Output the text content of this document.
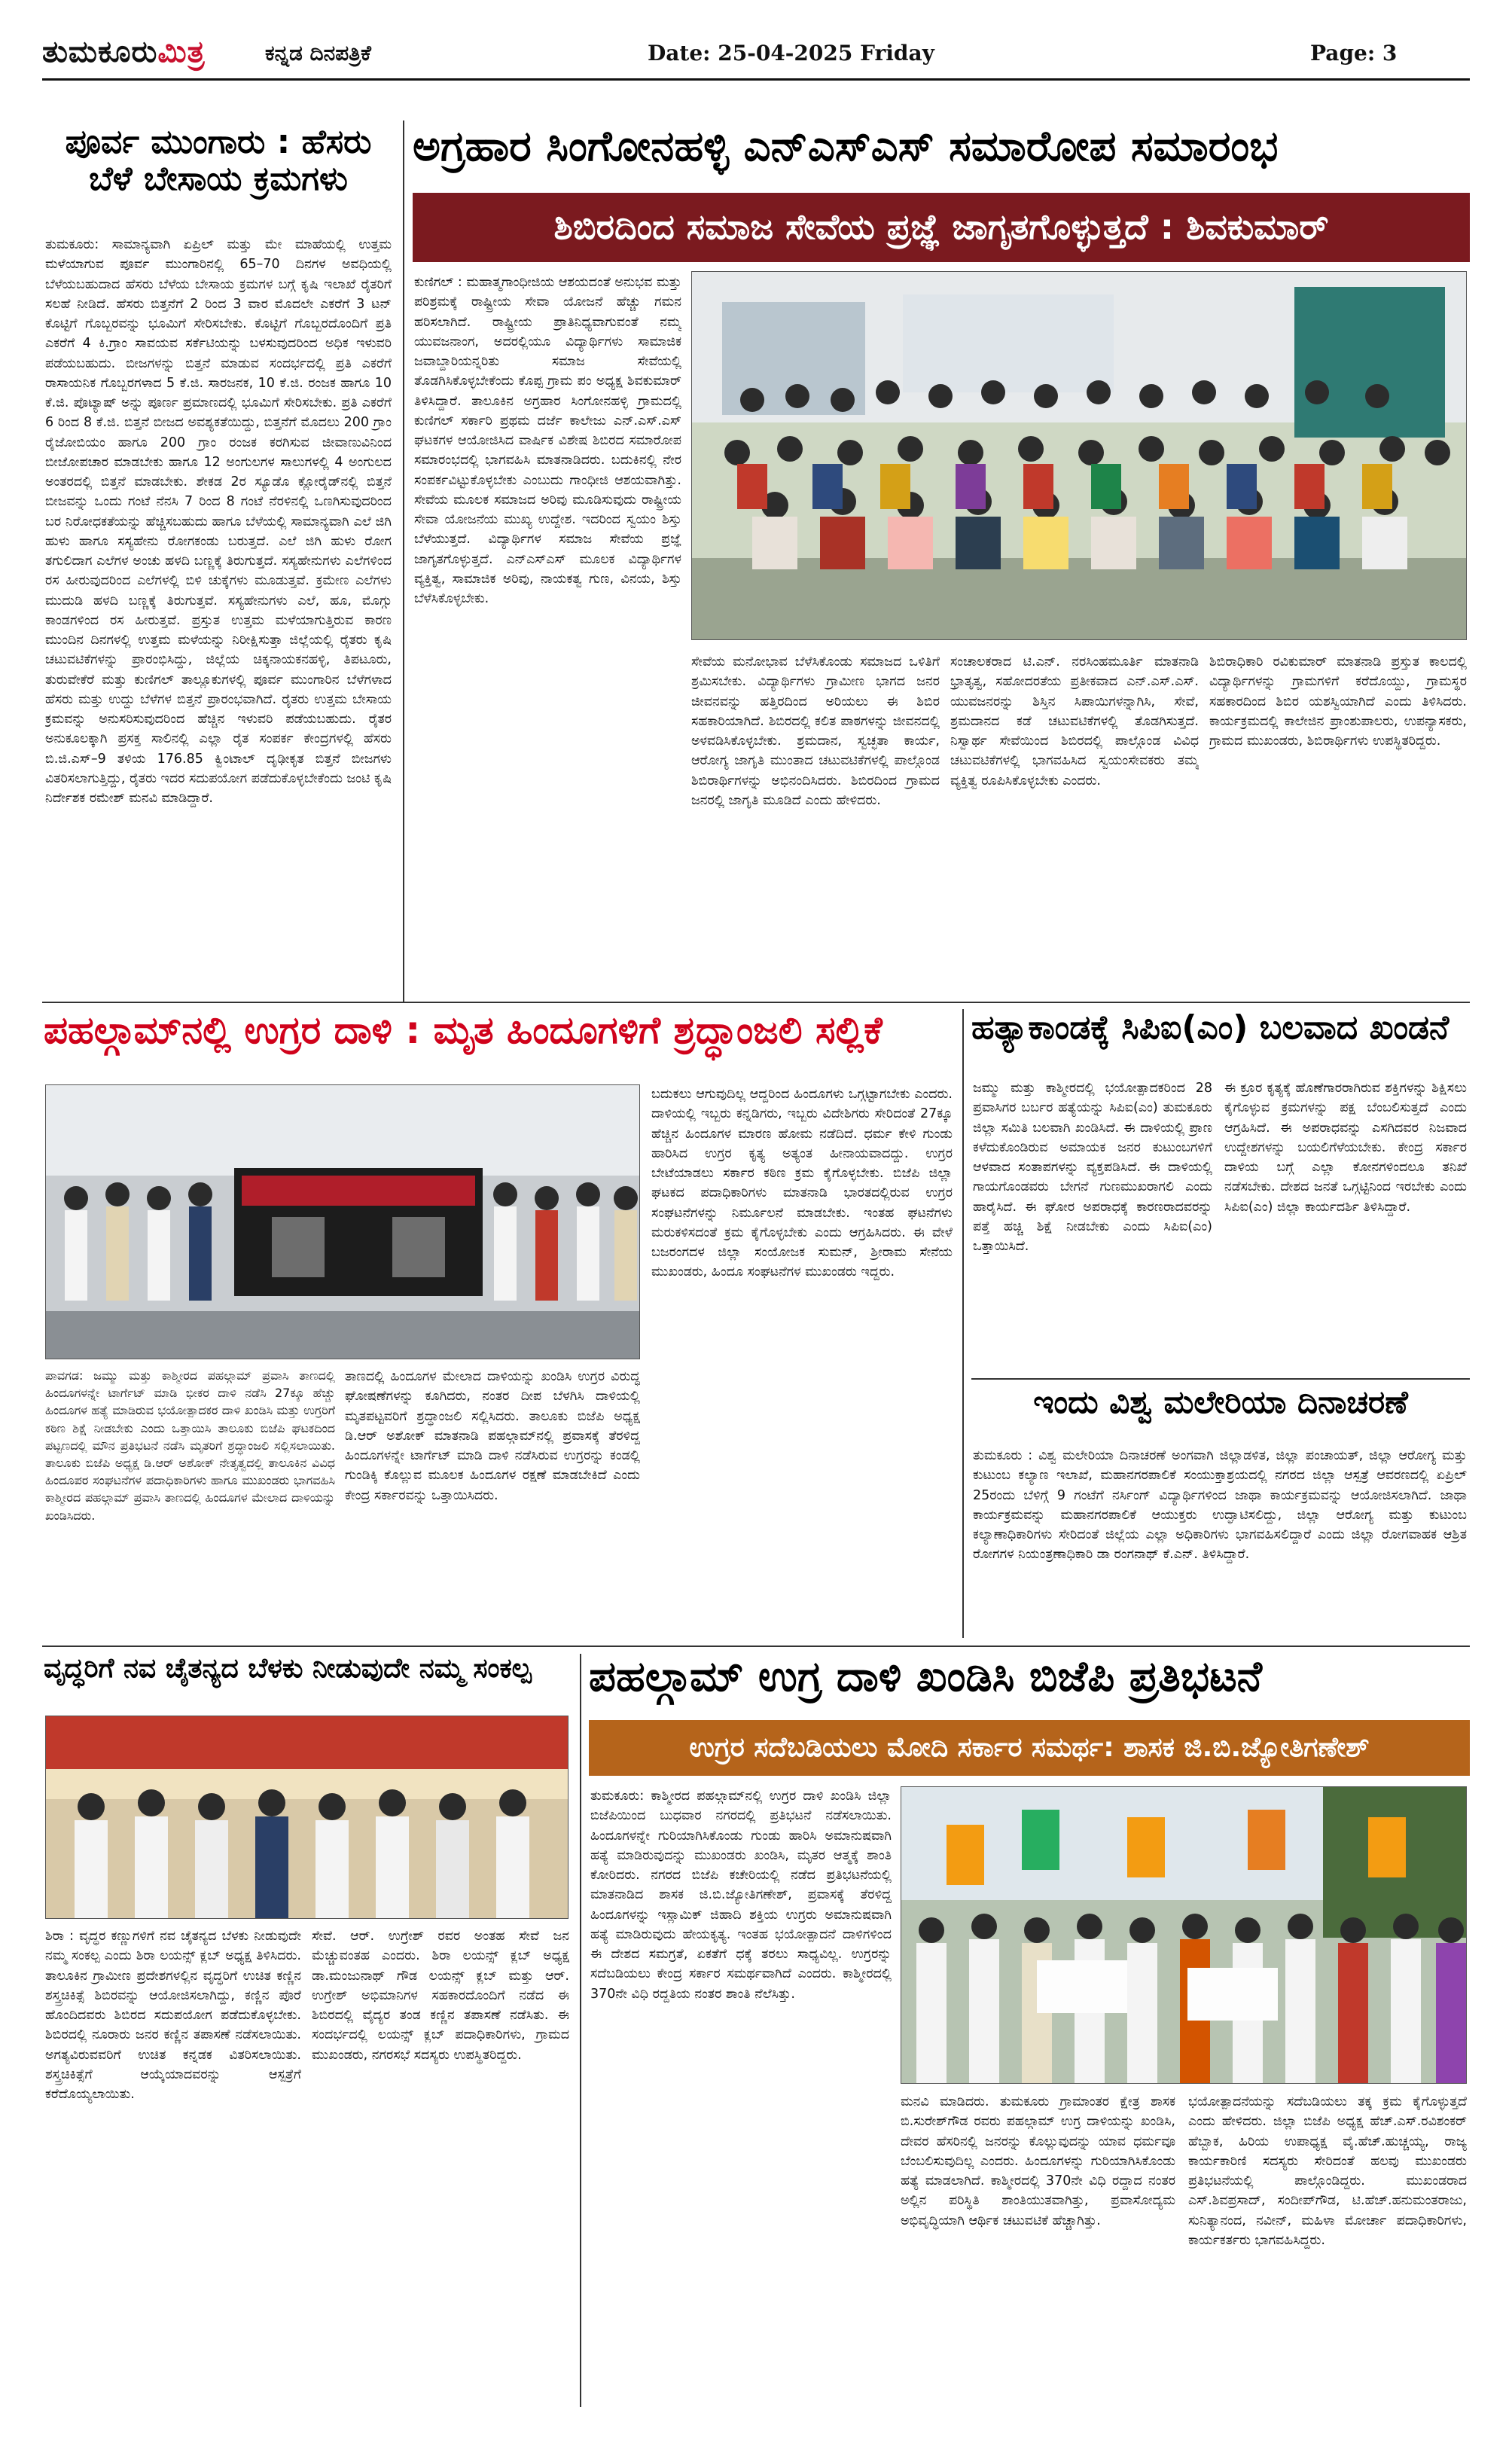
ತುಮಕೂರುಮಿತ್ರ	ಕನ್ನಡ ದಿನಪತ್ರಿಕೆ	Date: 25-04-2025 Friday	Page: 3
ಪೂರ್ವ ಮುಂಗಾರು : ಹೆಸರು ಬೆಳೆ ಬೇಸಾಯ ಕ್ರಮಗಳು
ತುಮಕೂರು: ಸಾಮಾನ್ಯವಾಗಿ ಏಪ್ರಿಲ್ ಮತ್ತು ಮೇ ಮಾಹೆಯಲ್ಲಿ ಉತ್ತಮ ಮಳೆಯಾಗುವ ಪೂರ್ವ ಮುಂಗಾರಿನಲ್ಲಿ 65–70 ದಿನಗಳ ಅವಧಿಯಲ್ಲಿ ಬೆಳೆಯಬಹುದಾದ ಹೆಸರು ಬೆಳೆಯ ಬೇಸಾಯ ಕ್ರಮಗಳ ಬಗ್ಗೆ ಕೃಷಿ ಇಲಾಖೆ ರೈತರಿಗೆ ಸಲಹೆ ನೀಡಿದೆ. ಹೆಸರು ಬಿತ್ತನೆಗೆ 2 ರಿಂದ 3 ವಾರ ಮೊದಲೇ ಎಕರೆಗೆ 3 ಟನ್ ಕೊಟ್ಟಿಗೆ ಗೊಬ್ಬರವನ್ನು ಭೂಮಿಗೆ ಸೇರಿಸಬೇಕು. ಕೊಟ್ಟಿಗೆ ಗೊಬ್ಬರದೊಂದಿಗೆ ಪ್ರತಿ ಎಕರೆಗೆ 4 ಕಿ.ಗ್ರಾಂ ಸಾವಯವ ಸರ್ಕೆಟಿಯನ್ನು ಬಳಸುವುದರಿಂದ ಅಧಿಕ ಇಳುವರಿ ಪಡೆಯಬಹುದು. ಬೀಜಗಳನ್ನು ಬಿತ್ತನೆ ಮಾಡುವ ಸಂದರ್ಭದಲ್ಲಿ ಪ್ರತಿ ಎಕರೆಗೆ ರಾಸಾಯನಿಕ ಗೊಬ್ಬರಗಳಾದ 5 ಕೆ.ಜಿ. ಸಾರಜನಕ, 10 ಕೆ.ಜಿ. ರಂಜಕ ಹಾಗೂ 10 ಕೆ.ಜಿ. ಪೊಟ್ಯಾಷ್ ಅನ್ನು ಪೂರ್ಣ ಪ್ರಮಾಣದಲ್ಲಿ ಭೂಮಿಗೆ ಸೇರಿಸಬೇಕು. ಪ್ರತಿ ಎಕರೆಗೆ 6 ರಿಂದ 8 ಕೆ.ಜಿ. ಬಿತ್ತನೆ ಬೀಜದ ಅವಶ್ಯಕತೆಯಿದ್ದು, ಬಿತ್ತನೆಗೆ ಮೊದಲು 200 ಗ್ರಾಂ ರೈಜೋಬಿಯಂ ಹಾಗೂ 200 ಗ್ರಾಂ ರಂಜಕ ಕರಗಿಸುವ ಜೀವಾಣುವಿನಿಂದ ಬೀಜೋಪಚಾರ ಮಾಡಬೇಕು ಹಾಗೂ 12 ಅಂಗುಲಗಳ ಸಾಲುಗಳಲ್ಲಿ 4 ಅಂಗುಲದ ಅಂತರದಲ್ಲಿ ಬಿತ್ತನೆ ಮಾಡಬೇಕು. ಶೇಕಡ 2ರ ಸ್ಯೂಡೊ ಕ್ಲೋರೈಡ್‌ನಲ್ಲಿ ಬಿತ್ತನೆ ಬೀಜವನ್ನು ಒಂದು ಗಂಟೆ ನೆನಸಿ 7 ರಿಂದ 8 ಗಂಟೆ ನೆರಳಿನಲ್ಲಿ ಒಣಗಿಸುವುದರಿಂದ ಬರ ನಿರೋಧಕತೆಯನ್ನು ಹೆಚ್ಚಿಸಬಹುದು ಹಾಗೂ ಬೆಳೆಯಲ್ಲಿ ಸಾಮಾನ್ಯವಾಗಿ ಎಲೆ ಜಿಗಿ ಹುಳು ಹಾಗೂ ಸಸ್ಯಹೇನು ರೋಗಕಂಡು ಬರುತ್ತದೆ. ಎಲೆ ಜಿಗಿ ಹುಳು ರೋಗ ತಗುಲಿದಾಗ ಎಲೆಗಳ ಅಂಚು ಹಳದಿ ಬಣ್ಣಕ್ಕೆ ತಿರುಗುತ್ತದೆ. ಸಸ್ಯಹೇನುಗಳು ಎಲೆಗಳಿಂದ ರಸ ಹೀರುವುದರಿಂದ ಎಲೆಗಳಲ್ಲಿ ಬಿಳಿ ಚುಕ್ಕೆಗಳು ಮೂಡುತ್ತವೆ. ಕ್ರಮೇಣ ಎಲೆಗಳು ಮುದುಡಿ ಹಳದಿ ಬಣ್ಣಕ್ಕೆ ತಿರುಗುತ್ತವೆ. ಸಸ್ಯಹೇನುಗಳು ಎಲೆ, ಹೂ, ಮೊಗ್ಗು ಕಾಂಡಗಳಿಂದ ರಸ ಹೀರುತ್ತವೆ. ಪ್ರಸ್ತುತ ಉತ್ತಮ ಮಳೆಯಾಗುತ್ತಿರುವ ಕಾರಣ ಮುಂದಿನ ದಿನಗಳಲ್ಲಿ ಉತ್ತಮ ಮಳೆಯನ್ನು ನಿರೀಕ್ಷಿಸುತ್ತಾ ಜಿಲ್ಲೆಯಲ್ಲಿ ರೈತರು ಕೃಷಿ ಚಟುವಟಿಕೆಗಳನ್ನು ಪ್ರಾರಂಭಿಸಿದ್ದು, ಜಿಲ್ಲೆಯ ಚಿಕ್ಕನಾಯಕನಹಳ್ಳಿ, ತಿಪಟೂರು, ತುರುವೇಕೆರೆ ಮತ್ತು ಕುಣಿಗಲ್ ತಾಲ್ಲೂಕುಗಳಲ್ಲಿ ಪೂರ್ವ ಮುಂಗಾರಿನ ಬೆಳೆಗಳಾದ ಹೆಸರು ಮತ್ತು ಉದ್ದು ಬೆಳೆಗಳ ಬಿತ್ತನೆ ಪ್ರಾರಂಭವಾಗಿದೆ. ರೈತರು ಉತ್ತಮ ಬೇಸಾಯ ಕ್ರಮವನ್ನು ಅನುಸರಿಸುವುದರಿಂದ ಹೆಚ್ಚಿನ ಇಳುವರಿ ಪಡೆಯಬಹುದು. ರೈತರ ಅನುಕೂಲಕ್ಕಾಗಿ ಪ್ರಸಕ್ತ ಸಾಲಿನಲ್ಲಿ ಎಲ್ಲಾ ರೈತ ಸಂಪರ್ಕ ಕೇಂದ್ರಗಳಲ್ಲಿ ಹೆಸರು ಬಿ.ಜಿ.ಎಸ್–9 ತಳಿಯ 176.85 ಕ್ವಿಂಟಾಲ್ ದೃಢೀಕೃತ ಬಿತ್ತನೆ ಬೀಜಗಳು ವಿತರಿಸಲಾಗುತ್ತಿದ್ದು, ರೈತರು ಇದರ ಸದುಪಯೋಗ ಪಡೆದುಕೊಳ್ಳಬೇಕೆಂದು ಜಂಟಿ ಕೃಷಿ ನಿರ್ದೇಶಕ ರಮೇಶ್ ಮನವಿ ಮಾಡಿದ್ದಾರೆ.
ಅಗ್ರಹಾರ ಸಿಂಗೋನಹಳ್ಳಿ ಎನ್‌ಎಸ್‌ಎಸ್ ಸಮಾರೋಪ ಸಮಾರಂಭ
ಶಿಬಿರದಿಂದ ಸಮಾಜ ಸೇವೆಯ ಪ್ರಜ್ಞೆ ಜಾಗೃತಗೊಳ್ಳುತ್ತದೆ : ಶಿವಕುಮಾರ್
ಕುಣಿಗಲ್ : ಮಹಾತ್ಮಗಾಂಧೀಜಿಯ ಆಶಯದಂತೆ ಅನುಭವ ಮತ್ತು ಪರಿಶ್ರಮಕ್ಕೆ ರಾಷ್ಟ್ರೀಯ ಸೇವಾ ಯೋಜನೆ ಹೆಚ್ಚು ಗಮನ ಹರಿಸಲಾಗಿದೆ. ರಾಷ್ಟ್ರೀಯ ಪ್ರಾತಿನಿಧ್ಯವಾಗುವಂತೆ ನಮ್ಮ ಯುವಜನಾಂಗ, ಅದರಲ್ಲಿಯೂ ವಿದ್ಯಾರ್ಥಿಗಳು ಸಾಮಾಜಿಕ ಜವಾಬ್ದಾರಿಯನ್ನರಿತು ಸಮಾಜ ಸೇವೆಯಲ್ಲಿ ತೊಡಗಿಸಿಕೊಳ್ಳಬೇಕೆಂದು ಕೊಪ್ಪ ಗ್ರಾಮ ಪಂ ಅಧ್ಯಕ್ಷ ಶಿವಕುಮಾರ್ ತಿಳಿಸಿದ್ದಾರೆ. ತಾಲೂಕಿನ ಅಗ್ರಹಾರ ಸಿಂಗೋನಹಳ್ಳಿ ಗ್ರಾಮದಲ್ಲಿ ಕುಣಿಗಲ್ ಸರ್ಕಾರಿ ಪ್ರಥಮ ದರ್ಜೆ ಕಾಲೇಜು ಎನ್.ಎಸ್.ಎಸ್ ಘಟಕಗಳ ಆಯೋಜಿಸಿದ ವಾರ್ಷಿಕ ವಿಶೇಷ ಶಿಬಿರದ ಸಮಾರೋಪ ಸಮಾರಂಭದಲ್ಲಿ ಭಾಗವಹಿಸಿ ಮಾತನಾಡಿದರು. ಬದುಕಿನಲ್ಲಿ ನೇರ ಸಂಪರ್ಕವಿಟ್ಟುಕೊಳ್ಳಬೇಕು ಎಂಬುದು ಗಾಂಧೀಜಿ ಆಶಯವಾಗಿತ್ತು. ಸೇವೆಯ ಮೂಲಕ ಸಮಾಜದ ಅರಿವು ಮೂಡಿಸುವುದು ರಾಷ್ಟ್ರೀಯ ಸೇವಾ ಯೋಜನೆಯ ಮುಖ್ಯ ಉದ್ದೇಶ. ಇದರಿಂದ ಸ್ವಯಂ ಶಿಸ್ತು ಬೆಳೆಯುತ್ತದೆ. ವಿದ್ಯಾರ್ಥಿಗಳ ಸಮಾಜ ಸೇವೆಯ ಪ್ರಜ್ಞೆ ಜಾಗೃತಗೊಳ್ಳುತ್ತದೆ. ಎನ್ಎಸ್ಎಸ್ ಮೂಲಕ ವಿದ್ಯಾರ್ಥಿಗಳ ವ್ಯಕ್ತಿತ್ವ, ಸಾಮಾಜಿಕ ಅರಿವು, ನಾಯಕತ್ವ ಗುಣ, ವಿನಯ, ಶಿಸ್ತು ಬೆಳೆಸಿಕೊಳ್ಳಬೇಕು.
ಸೇವೆಯ ಮನೋಭಾವ ಬೆಳೆಸಿಕೊಂಡು ಸಮಾಜದ ಒಳಿತಿಗೆ ಶ್ರಮಿಸಬೇಕು. ವಿದ್ಯಾರ್ಥಿಗಳು ಗ್ರಾಮೀಣ ಭಾಗದ ಜನರ ಜೀವನವನ್ನು ಹತ್ತಿರದಿಂದ ಅರಿಯಲು ಈ ಶಿಬಿರ ಸಹಕಾರಿಯಾಗಿದೆ. ಶಿಬಿರದಲ್ಲಿ ಕಲಿತ ಪಾಠಗಳನ್ನು ಜೀವನದಲ್ಲಿ ಅಳವಡಿಸಿಕೊಳ್ಳಬೇಕು. ಶ್ರಮದಾನ, ಸ್ವಚ್ಛತಾ ಕಾರ್ಯ, ಆರೋಗ್ಯ ಜಾಗೃತಿ ಮುಂತಾದ ಚಟುವಟಿಕೆಗಳಲ್ಲಿ ಪಾಲ್ಗೊಂಡ ಶಿಬಿರಾರ್ಥಿಗಳನ್ನು ಅಭಿನಂದಿಸಿದರು. ಶಿಬಿರದಿಂದ ಗ್ರಾಮದ ಜನರಲ್ಲಿ ಜಾಗೃತಿ ಮೂಡಿದೆ ಎಂದು ಹೇಳಿದರು.
ಸಂಚಾಲಕರಾದ ಟಿ.ಎನ್. ನರಸಿಂಹಮೂರ್ತಿ ಮಾತನಾಡಿ ಭ್ರಾತೃತ್ವ, ಸಹೋದರತೆಯ ಪ್ರತೀಕವಾದ ಎನ್.ಎಸ್.ಎಸ್. ಯುವಜನರನ್ನು ಶಿಸ್ತಿನ ಸಿಪಾಯಿಗಳನ್ನಾಗಿಸಿ, ಸೇವೆ, ಶ್ರಮದಾನದ ಕಡೆ ಚಟುವಟಿಕೆಗಳಲ್ಲಿ ತೊಡಗಿಸುತ್ತದೆ. ನಿಸ್ವಾರ್ಥ ಸೇವೆಯಿಂದ ಶಿಬಿರದಲ್ಲಿ ಪಾಲ್ಗೊಂಡ ವಿವಿಧ ಚಟುವಟಿಕೆಗಳಲ್ಲಿ ಭಾಗವಹಿಸಿದ ಸ್ವಯಂಸೇವಕರು ತಮ್ಮ ವ್ಯಕ್ತಿತ್ವ ರೂಪಿಸಿಕೊಳ್ಳಬೇಕು ಎಂದರು.
ಶಿಬಿರಾಧಿಕಾರಿ ರವಿಕುಮಾರ್ ಮಾತನಾಡಿ ಪ್ರಸ್ತುತ ಕಾಲದಲ್ಲಿ ವಿದ್ಯಾರ್ಥಿಗಳನ್ನು ಗ್ರಾಮಗಳಿಗೆ ಕರೆದೊಯ್ದು, ಗ್ರಾಮಸ್ಥರ ಸಹಕಾರದಿಂದ ಶಿಬಿರ ಯಶಸ್ವಿಯಾಗಿದೆ ಎಂದು ತಿಳಿಸಿದರು. ಕಾರ್ಯಕ್ರಮದಲ್ಲಿ ಕಾಲೇಜಿನ ಪ್ರಾಂಶುಪಾಲರು, ಉಪನ್ಯಾಸಕರು, ಗ್ರಾಮದ ಮುಖಂಡರು, ಶಿಬಿರಾರ್ಥಿಗಳು ಉಪಸ್ಥಿತರಿದ್ದರು.
ಪಹಲ್ಗಾಮ್‌ನಲ್ಲಿ ಉಗ್ರರ ದಾಳಿ : ಮೃತ ಹಿಂದೂಗಳಿಗೆ ಶ್ರದ್ಧಾಂಜಲಿ ಸಲ್ಲಿಕೆ
ಪಾವಗಡ: ಜಮ್ಮು ಮತ್ತು ಕಾಶ್ಮೀರದ ಪಹಲ್ಗಾಮ್ ಪ್ರವಾಸಿ ತಾಣದಲ್ಲಿ ಹಿಂದೂಗಳನ್ನೇ ಟಾರ್ಗೆಟ್ ಮಾಡಿ ಭೀಕರ ದಾಳಿ ನಡೆಸಿ 27ಕ್ಕೂ ಹೆಚ್ಚು ಹಿಂದೂಗಳ ಹತ್ಯೆ ಮಾಡಿರುವ ಭಯೋತ್ಪಾದಕರ ದಾಳಿ ಖಂಡಿಸಿ ಮತ್ತು ಉಗ್ರರಿಗೆ ಕಠಿಣ ಶಿಕ್ಷೆ ನೀಡಬೇಕು ಎಂದು ಒತ್ತಾಯಿಸಿ ತಾಲೂಕು ಬಿಜೆಪಿ ಘಟಕದಿಂದ ಪಟ್ಟಣದಲ್ಲಿ ಮೌನ ಪ್ರತಿಭಟನೆ ನಡೆಸಿ ಮೃತರಿಗೆ ಶ್ರದ್ಧಾಂಜಲಿ ಸಲ್ಲಿಸಲಾಯಿತು. ತಾಲೂಕು ಬಿಜೆಪಿ ಅಧ್ಯಕ್ಷ ಡಿ.ಆರ್ ಅಶೋಕ್ ನೇತೃತ್ವದಲ್ಲಿ ತಾಲೂಕಿನ ವಿವಿಧ ಹಿಂದೂಪರ ಸಂಘಟನೆಗಳ ಪದಾಧಿಕಾರಿಗಳು ಹಾಗೂ ಮುಖಂಡರು ಭಾಗವಹಿಸಿ ಕಾಶ್ಮೀರದ ಪಹಲ್ಗಾಮ್ ಪ್ರವಾಸಿ ತಾಣದಲ್ಲಿ ಹಿಂದೂಗಳ ಮೇಲಾದ ದಾಳಿಯನ್ನು ಖಂಡಿಸಿದರು.
ತಾಣದಲ್ಲಿ ಹಿಂದೂಗಳ ಮೇಲಾದ ದಾಳಿಯನ್ನು ಖಂಡಿಸಿ ಉಗ್ರರ ವಿರುದ್ಧ ಘೋಷಣೆಗಳನ್ನು ಕೂಗಿದರು, ನಂತರ ದೀಪ ಬೆಳಗಿಸಿ ದಾಳಿಯಲ್ಲಿ ಮೃತಪಟ್ಟವರಿಗೆ ಶ್ರದ್ಧಾಂಜಲಿ ಸಲ್ಲಿಸಿದರು. ತಾಲೂಕು ಬಿಜೆಪಿ ಅಧ್ಯಕ್ಷ ಡಿ.ಆರ್ ಅಶೋಕ್ ಮಾತನಾಡಿ ಪಹಲ್ಗಾಮ್‌ನಲ್ಲಿ ಪ್ರವಾಸಕ್ಕೆ ತೆರಳಿದ್ದ ಹಿಂದೂಗಳನ್ನೇ ಟಾರ್ಗೆಟ್ ಮಾಡಿ ದಾಳಿ ನಡೆಸಿರುವ ಉಗ್ರರನ್ನು ಕಂಡಲ್ಲಿ ಗುಂಡಿಕ್ಕಿ ಕೊಲ್ಲುವ ಮೂಲಕ ಹಿಂದೂಗಳ ರಕ್ಷಣೆ ಮಾಡಬೇಕಿದೆ ಎಂದು ಕೇಂದ್ರ ಸರ್ಕಾರವನ್ನು ಒತ್ತಾಯಿಸಿದರು.
ಬದುಕಲು ಆಗುವುದಿಲ್ಲ ಆದ್ದರಿಂದ ಹಿಂದೂಗಳು ಒಗ್ಗಟ್ಟಾಗಬೇಕು ಎಂದರು. ದಾಳಿಯಲ್ಲಿ ಇಬ್ಬರು ಕನ್ನಡಿಗರು, ಇಬ್ಬರು ವಿದೇಶಿಗರು ಸೇರಿದಂತೆ 27ಕ್ಕೂ ಹೆಚ್ಚಿನ ಹಿಂದೂಗಳ ಮಾರಣ ಹೋಮ ನಡೆದಿದೆ. ಧರ್ಮ ಕೇಳಿ ಗುಂಡು ಹಾರಿಸಿದ ಉಗ್ರರ ಕೃತ್ಯ ಅತ್ಯಂತ ಹೀನಾಯವಾದದ್ದು. ಉಗ್ರರ ಬೇಟೆಯಾಡಲು ಸರ್ಕಾರ ಕಠಿಣ ಕ್ರಮ ಕೈಗೊಳ್ಳಬೇಕು. ಬಿಜೆಪಿ ಜಿಲ್ಲಾ ಘಟಕದ ಪದಾಧಿಕಾರಿಗಳು ಮಾತನಾಡಿ ಭಾರತದಲ್ಲಿರುವ ಉಗ್ರರ ಸಂಘಟನೆಗಳನ್ನು ನಿರ್ಮೂಲನೆ ಮಾಡಬೇಕು. ಇಂತಹ ಘಟನೆಗಳು ಮರುಕಳಿಸದಂತೆ ಕ್ರಮ ಕೈಗೊಳ್ಳಬೇಕು ಎಂದು ಆಗ್ರಹಿಸಿದರು. ಈ ವೇಳೆ ಬಜರಂಗದಳ ಜಿಲ್ಲಾ ಸಂಯೋಜಕ ಸುಮನ್, ಶ್ರೀರಾಮ ಸೇನೆಯ ಮುಖಂಡರು, ಹಿಂದೂ ಸಂಘಟನೆಗಳ ಮುಖಂಡರು ಇದ್ದರು.
ಹತ್ಯಾಕಾಂಡಕ್ಕೆ ಸಿಪಿಐ(ಎಂ) ಬಲವಾದ ಖಂಡನೆ
ಜಮ್ಮು ಮತ್ತು ಕಾಶ್ಮೀರದಲ್ಲಿ ಭಯೋತ್ಪಾದಕರಿಂದ 28 ಪ್ರವಾಸಿಗರ ಬರ್ಬರ ಹತ್ಯೆಯನ್ನು ಸಿಪಿಐ(ಎಂ) ತುಮಕೂರು ಜಿಲ್ಲಾ ಸಮಿತಿ ಬಲವಾಗಿ ಖಂಡಿಸಿದೆ. ಈ ದಾಳಿಯಲ್ಲಿ ಪ್ರಾಣ ಕಳೆದುಕೊಂಡಿರುವ ಅಮಾಯಕ ಜನರ ಕುಟುಂಬಗಳಿಗೆ ಆಳವಾದ ಸಂತಾಪಗಳನ್ನು ವ್ಯಕ್ತಪಡಿಸಿದೆ. ಈ ದಾಳಿಯಲ್ಲಿ ಗಾಯಗೊಂಡವರು ಬೇಗನೆ ಗುಣಮುಖರಾಗಲಿ ಎಂದು ಹಾರೈಸಿದೆ. ಈ ಘೋರ ಅಪರಾಧಕ್ಕೆ ಕಾರಣರಾದವರನ್ನು ಪತ್ತೆ ಹಚ್ಚಿ ಶಿಕ್ಷೆ ನೀಡಬೇಕು ಎಂದು ಸಿಪಿಐ(ಎಂ) ಒತ್ತಾಯಿಸಿದೆ.
ಈ ಕ್ರೂರ ಕೃತ್ಯಕ್ಕೆ ಹೊಣೆಗಾರರಾಗಿರುವ ಶಕ್ತಿಗಳನ್ನು ಶಿಕ್ಷಿಸಲು ಕೈಗೊಳ್ಳುವ ಕ್ರಮಗಳನ್ನು ಪಕ್ಷ ಬೆಂಬಲಿಸುತ್ತದೆ ಎಂದು ಆಗ್ರಹಿಸಿದೆ. ಈ ಅಪರಾಧವನ್ನು ಎಸಗಿದವರ ನಿಜವಾದ ಉದ್ದೇಶಗಳನ್ನು ಬಯಲಿಗೆಳೆಯಬೇಕು. ಕೇಂದ್ರ ಸರ್ಕಾರ ದಾಳಿಯ ಬಗ್ಗೆ ಎಲ್ಲಾ ಕೋನಗಳಿಂದಲೂ ತನಿಖೆ ನಡೆಸಬೇಕು. ದೇಶದ ಜನತೆ ಒಗ್ಗಟ್ಟಿನಿಂದ ಇರಬೇಕು ಎಂದು ಸಿಪಿಐ(ಎಂ) ಜಿಲ್ಲಾ ಕಾರ್ಯದರ್ಶಿ ತಿಳಿಸಿದ್ದಾರೆ.
ಇಂದು ವಿಶ್ವ ಮಲೇರಿಯಾ ದಿನಾಚರಣೆ
ತುಮಕೂರು : ವಿಶ್ವ ಮಲೇರಿಯಾ ದಿನಾಚರಣೆ ಅಂಗವಾಗಿ ಜಿಲ್ಲಾಡಳಿತ, ಜಿಲ್ಲಾ ಪಂಚಾಯತ್, ಜಿಲ್ಲಾ ಆರೋಗ್ಯ ಮತ್ತು ಕುಟುಂಬ ಕಲ್ಯಾಣ ಇಲಾಖೆ, ಮಹಾನಗರಪಾಲಿಕೆ ಸಂಯುಕ್ತಾಶ್ರಯದಲ್ಲಿ ನಗರದ ಜಿಲ್ಲಾ ಆಸ್ಪತ್ರೆ ಆವರಣದಲ್ಲಿ ಏಪ್ರಿಲ್ 25ರಂದು ಬೆಳಿಗ್ಗೆ 9 ಗಂಟೆಗೆ ನರ್ಸಿಂಗ್ ವಿದ್ಯಾರ್ಥಿಗಳಿಂದ ಜಾಥಾ ಕಾರ್ಯಕ್ರಮವನ್ನು ಆಯೋಜಿಸಲಾಗಿದೆ. ಜಾಥಾ ಕಾರ್ಯಕ್ರಮವನ್ನು ಮಹಾನಗರಪಾಲಿಕೆ ಆಯುಕ್ತರು ಉದ್ಘಾಟಿಸಲಿದ್ದು, ಜಿಲ್ಲಾ ಆರೋಗ್ಯ ಮತ್ತು ಕುಟುಂಬ ಕಲ್ಯಾಣಾಧಿಕಾರಿಗಳು ಸೇರಿದಂತೆ ಜಿಲ್ಲೆಯ ಎಲ್ಲಾ ಅಧಿಕಾರಿಗಳು ಭಾಗವಹಿಸಲಿದ್ದಾರೆ ಎಂದು ಜಿಲ್ಲಾ ರೋಗವಾಹಕ ಆಶ್ರಿತ ರೋಗಗಳ ನಿಯಂತ್ರಣಾಧಿಕಾರಿ ಡಾ ರಂಗನಾಥ್ ಕೆ.ಎನ್. ತಿಳಿಸಿದ್ದಾರೆ.
ವೃದ್ಧರಿಗೆ ನವ ಚೈತನ್ಯದ ಬೆಳಕು ನೀಡುವುದೇ ನಮ್ಮ ಸಂಕಲ್ಪ
ಶಿರಾ : ವೃದ್ಧರ ಕಣ್ಣುಗಳಿಗೆ ನವ ಚೈತನ್ಯದ ಬೆಳಕು ನೀಡುವುದೇ ನಮ್ಮ ಸಂಕಲ್ಪ ಎಂದು ಶಿರಾ ಲಯನ್ಸ್ ಕ್ಲಬ್ ಅಧ್ಯಕ್ಷ ತಿಳಿಸಿದರು. ತಾಲೂಕಿನ ಗ್ರಾಮೀಣ ಪ್ರದೇಶಗಳಲ್ಲಿನ ವೃದ್ಧರಿಗೆ ಉಚಿತ ಕಣ್ಣಿನ ಶಸ್ತ್ರಚಿಕಿತ್ಸೆ ಶಿಬಿರವನ್ನು ಆಯೋಜಿಸಲಾಗಿದ್ದು, ಕಣ್ಣಿನ ಪೊರೆ ಹೊಂದಿದವರು ಶಿಬಿರದ ಸದುಪಯೋಗ ಪಡೆದುಕೊಳ್ಳಬೇಕು. ಶಿಬಿರದಲ್ಲಿ ನೂರಾರು ಜನರ ಕಣ್ಣಿನ ತಪಾಸಣೆ ನಡೆಸಲಾಯಿತು. ಅಗತ್ಯವಿರುವವರಿಗೆ ಉಚಿತ ಕನ್ನಡಕ ವಿತರಿಸಲಾಯಿತು. ಶಸ್ತ್ರಚಿಕಿತ್ಸೆಗೆ ಆಯ್ಕೆಯಾದವರನ್ನು ಆಸ್ಪತ್ರೆಗೆ ಕರೆದೊಯ್ಯಲಾಯಿತು.
ಸೇವೆ. ಆರ್. ಉಗ್ರೇಶ್ ರವರ ಅಂತಹ ಸೇವೆ ಜನ ಮೆಚ್ಚುವಂತಹ ಎಂದರು. ಶಿರಾ ಲಯನ್ಸ್ ಕ್ಲಬ್ ಅಧ್ಯಕ್ಷ ಡಾ.ಮಂಜುನಾಥ್ ಗೌಡ ಲಯನ್ಸ್ ಕ್ಲಬ್ ಮತ್ತು ಆರ್. ಉಗ್ರೇಶ್ ಅಭಿಮಾನಿಗಳ ಸಹಕಾರದೊಂದಿಗೆ ನಡೆದ ಈ ಶಿಬಿರದಲ್ಲಿ ವೈದ್ಯರ ತಂಡ ಕಣ್ಣಿನ ತಪಾಸಣೆ ನಡೆಸಿತು. ಈ ಸಂದರ್ಭದಲ್ಲಿ ಲಯನ್ಸ್ ಕ್ಲಬ್ ಪದಾಧಿಕಾರಿಗಳು, ಗ್ರಾಮದ ಮುಖಂಡರು, ನಗರಸಭೆ ಸದಸ್ಯರು ಉಪಸ್ಥಿತರಿದ್ದರು.
ಪಹಲ್ಗಾಮ್ ಉಗ್ರ ದಾಳಿ ಖಂಡಿಸಿ ಬಿಜೆಪಿ ಪ್ರತಿಭಟನೆ
ಉಗ್ರರ ಸದೆಬಡಿಯಲು ಮೋದಿ ಸರ್ಕಾರ ಸಮರ್ಥ: ಶಾಸಕ ಜಿ.ಬಿ.ಜ್ಯೋತಿಗಣೇಶ್
ತುಮಕೂರು: ಕಾಶ್ಮೀರದ ಪಹಲ್ಗಾಮ್‌ನಲ್ಲಿ ಉಗ್ರರ ದಾಳಿ ಖಂಡಿಸಿ ಜಿಲ್ಲಾ ಬಿಜೆಪಿಯಿಂದ ಬುಧವಾರ ನಗರದಲ್ಲಿ ಪ್ರತಿಭಟನೆ ನಡೆಸಲಾಯಿತು. ಹಿಂದೂಗಳನ್ನೇ ಗುರಿಯಾಗಿಸಿಕೊಂಡು ಗುಂಡು ಹಾರಿಸಿ ಅಮಾನುಷವಾಗಿ ಹತ್ಯೆ ಮಾಡಿರುವುದನ್ನು ಮುಖಂಡರು ಖಂಡಿಸಿ, ಮೃತರ ಆತ್ಮಕ್ಕೆ ಶಾಂತಿ ಕೋರಿದರು. ನಗರದ ಬಿಜೆಪಿ ಕಚೇರಿಯಲ್ಲಿ ನಡೆದ ಪ್ರತಿಭಟನೆಯಲ್ಲಿ ಮಾತನಾಡಿದ ಶಾಸಕ ಜಿ.ಬಿ.ಜ್ಯೋತಿಗಣೇಶ್, ಪ್ರವಾಸಕ್ಕೆ ತೆರಳಿದ್ದ ಹಿಂದೂಗಳನ್ನು ಇಸ್ಲಾಮಿಕ್ ಜಿಹಾದಿ ಶಕ್ತಿಯ ಉಗ್ರರು ಅಮಾನುಷವಾಗಿ ಹತ್ಯೆ ಮಾಡಿರುವುದು ಹೇಯಕೃತ್ಯ. ಇಂತಹ ಭಯೋತ್ಪಾದನೆ ದಾಳಿಗಳಿಂದ ಈ ದೇಶದ ಸಮಗ್ರತೆ, ಏಕತೆಗೆ ಧಕ್ಕೆ ತರಲು ಸಾಧ್ಯವಿಲ್ಲ. ಉಗ್ರರನ್ನು ಸದೆಬಡಿಯಲು ಕೇಂದ್ರ ಸರ್ಕಾರ ಸಮರ್ಥವಾಗಿದೆ ಎಂದರು. ಕಾಶ್ಮೀರದಲ್ಲಿ 370ನೇ ವಿಧಿ ರದ್ದತಿಯ ನಂತರ ಶಾಂತಿ ನೆಲೆಸಿತ್ತು.
ಮನವಿ ಮಾಡಿದರು. ತುಮಕೂರು ಗ್ರಾಮಾಂತರ ಕ್ಷೇತ್ರ ಶಾಸಕ ಬಿ.ಸುರೇಶ್‌ಗೌಡ ರವರು ಪಹಲ್ಗಾಮ್ ಉಗ್ರ ದಾಳಿಯನ್ನು ಖಂಡಿಸಿ, ದೇವರ ಹೆಸರಿನಲ್ಲಿ ಜನರನ್ನು ಕೊಲ್ಲುವುದನ್ನು ಯಾವ ಧರ್ಮವೂ ಬೆಂಬಲಿಸುವುದಿಲ್ಲ ಎಂದರು. ಹಿಂದೂಗಳನ್ನು ಗುರಿಯಾಗಿಸಿಕೊಂಡು ಹತ್ಯೆ ಮಾಡಲಾಗಿದೆ. ಕಾಶ್ಮೀರದಲ್ಲಿ 370ನೇ ವಿಧಿ ರದ್ದಾದ ನಂತರ ಅಲ್ಲಿನ ಪರಿಸ್ಥಿತಿ ಶಾಂತಿಯುತವಾಗಿತ್ತು, ಪ್ರವಾಸೋದ್ಯಮ ಅಭಿವೃದ್ಧಿಯಾಗಿ ಆರ್ಥಿಕ ಚಟುವಟಿಕೆ ಹೆಚ್ಚಾಗಿತ್ತು.
ಭಯೋತ್ಪಾದನೆಯನ್ನು ಸದೆಬಡಿಯಲು ತಕ್ಕ ಕ್ರಮ ಕೈಗೊಳ್ಳುತ್ತದೆ ಎಂದು ಹೇಳಿದರು. ಜಿಲ್ಲಾ ಬಿಜೆಪಿ ಅಧ್ಯಕ್ಷ ಹೆಚ್.ಎಸ್.ರವಿಶಂಕರ್ ಹೆಬ್ಬಾಕ, ಹಿರಿಯ ಉಪಾಧ್ಯಕ್ಷ ವೈ.ಹೆಚ್.ಹುಚ್ಚಯ್ಯ, ರಾಜ್ಯ ಕಾರ್ಯಕಾರಿಣಿ ಸದಸ್ಯರು ಸೇರಿದಂತೆ ಹಲವು ಮುಖಂಡರು ಪ್ರತಿಭಟನೆಯಲ್ಲಿ ಪಾಲ್ಗೊಂಡಿದ್ದರು. ಮುಖಂಡರಾದ ಎಸ್.ಶಿವಪ್ರಸಾದ್, ಸಂದೀಪ್‌ಗೌಡ, ಟಿ.ಹೆಚ್.ಹನುಮಂತರಾಜು, ಸುನಿತ್ಯಾನಂದ, ನವೀನ್, ಮಹಿಳಾ ಮೋರ್ಚಾ ಪದಾಧಿಕಾರಿಗಳು, ಕಾರ್ಯಕರ್ತರು ಭಾಗವಹಿಸಿದ್ದರು.
